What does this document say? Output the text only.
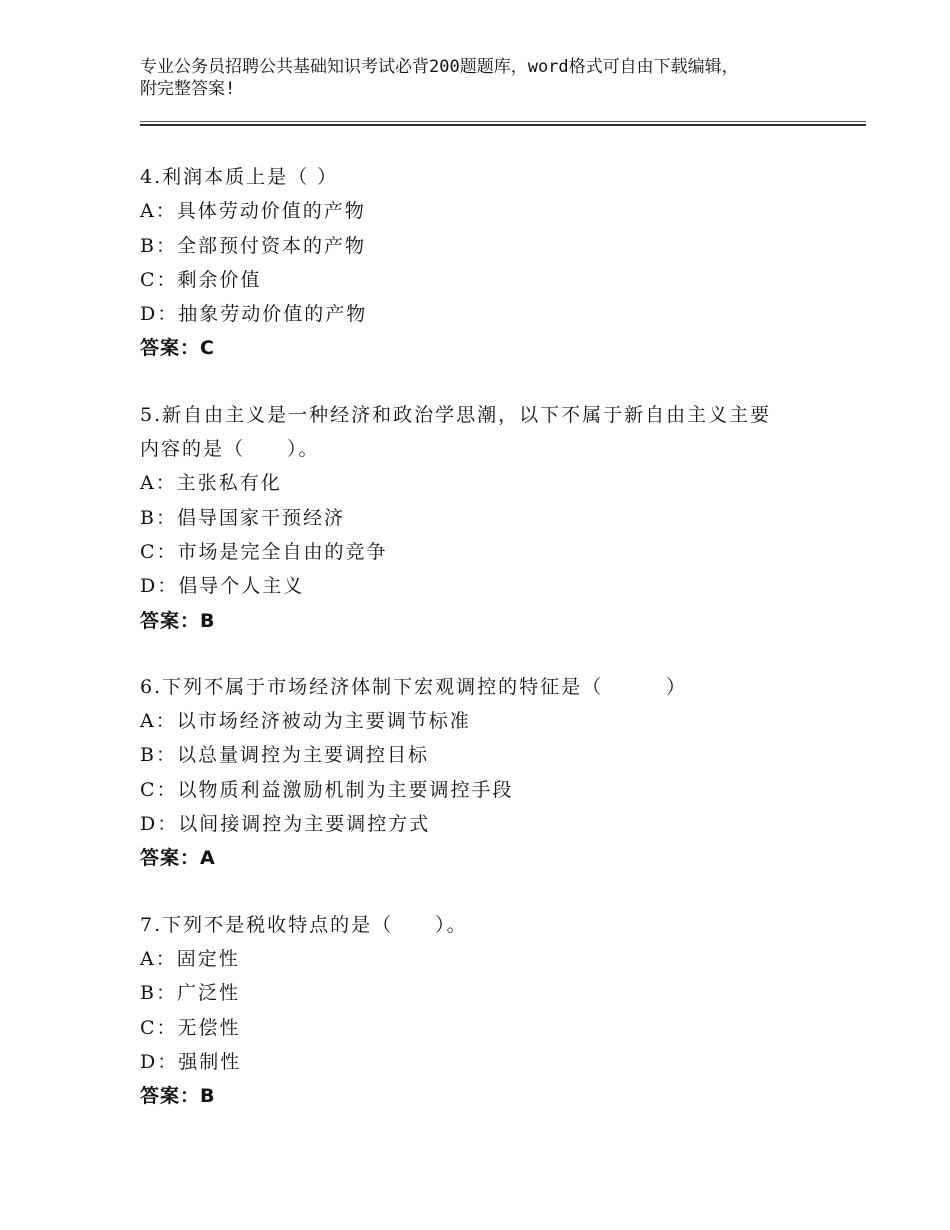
专业公务员招聘公共基础知识考试必背200题题库，word格式可自由下载编辑，
附完整答案!
4.利润本质上是（ ）
A：具体劳动价值的产物
B：全部预付资本的产物
C：剩余价值
D：抽象劳动价值的产物
答案：C
5.新自由主义是一种经济和政治学思潮，以下不属于新自由主义主要
内容的是（　　）。
A：主张私有化
B：倡导国家干预经济
C：市场是完全自由的竞争
D：倡导个人主义
答案：B
6.下列不属于市场经济体制下宏观调控的特征是（　　　）
A：以市场经济被动为主要调节标准
B：以总量调控为主要调控目标
C：以物质利益激励机制为主要调控手段
D：以间接调控为主要调控方式
答案：A
7.下列不是税收特点的是（　　）。
A：固定性
B：广泛性
C：无偿性
D：强制性
答案：B
